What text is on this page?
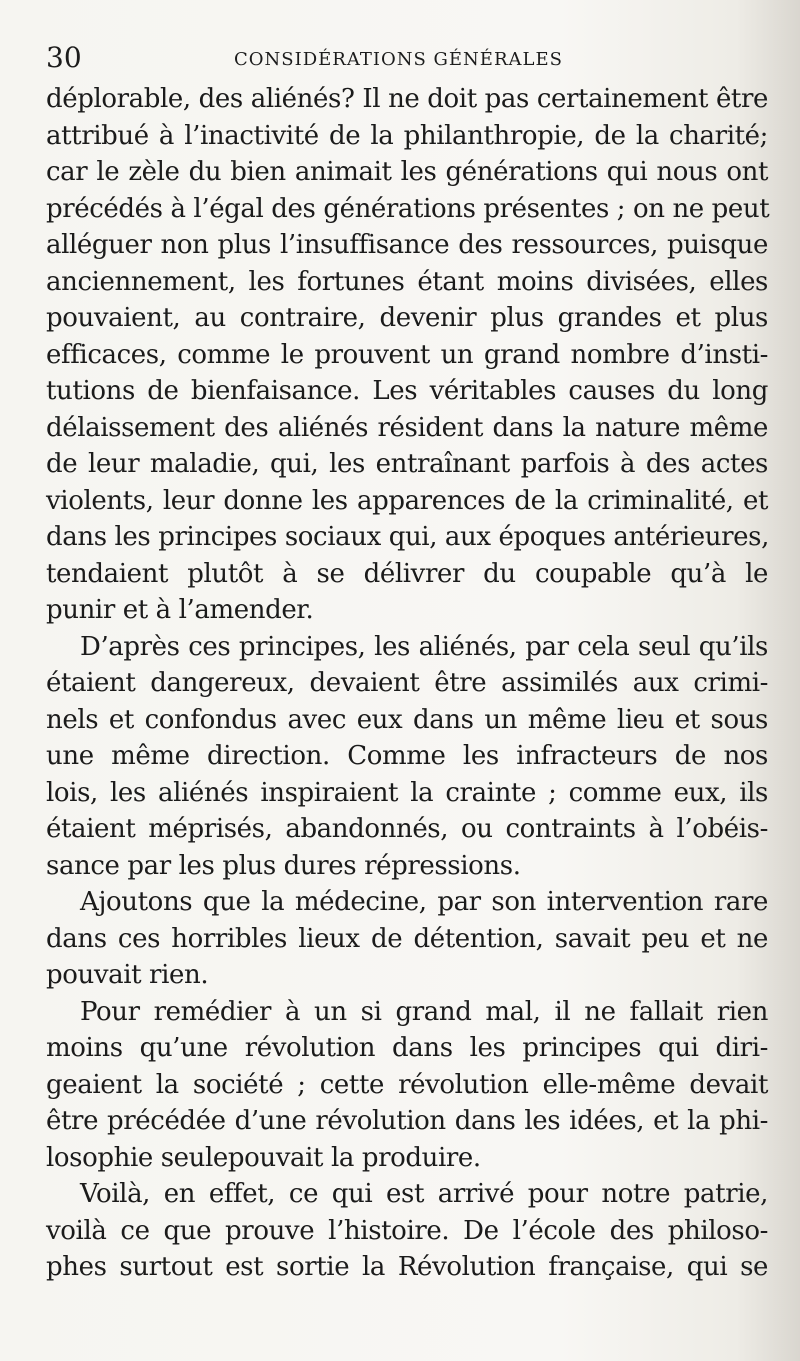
30	CONSIDÉRATIONS GÉNÉRALES
déplorable, des aliénés? Il ne doit pas certainement être
attribué à l’inactivité de la philanthropie, de la charité;
car le zèle du bien animait les générations qui nous ont
précédés à l’égal des générations présentes ; on ne peut
alléguer non plus l’insuffisance des ressources, puisque
anciennement, les fortunes étant moins divisées, elles
pouvaient, au contraire, devenir plus grandes et plus
efficaces, comme le prouvent un grand nombre d’insti-
tutions de bienfaisance. Les véritables causes du long
délaissement des aliénés résident dans la nature même
de leur maladie, qui, les entraînant parfois à des actes
violents, leur donne les apparences de la criminalité, et
dans les principes sociaux qui, aux époques antérieures,
tendaient plutôt à se délivrer du coupable qu’à le
punir et à l’amender.
D’après ces principes, les aliénés, par cela seul qu’ils
étaient dangereux, devaient être assimilés aux crimi-
nels et confondus avec eux dans un même lieu et sous
une même direction. Comme les infracteurs de nos
lois, les aliénés inspiraient la crainte ; comme eux, ils
étaient méprisés, abandonnés, ou contraints à l’obéis-
sance par les plus dures répressions.
Ajoutons que la médecine, par son intervention rare
dans ces horribles lieux de détention, savait peu et ne
pouvait rien.
Pour remédier à un si grand mal, il ne fallait rien
moins qu’une révolution dans les principes qui diri-
geaient la société ; cette révolution elle-même devait
être précédée d’une révolution dans les idées, et la phi-
losophie seulepouvait la produire.
Voilà, en effet, ce qui est arrivé pour notre patrie,
voilà ce que prouve l’histoire. De l’école des philoso-
phes surtout est sortie la Révolution française, qui se
